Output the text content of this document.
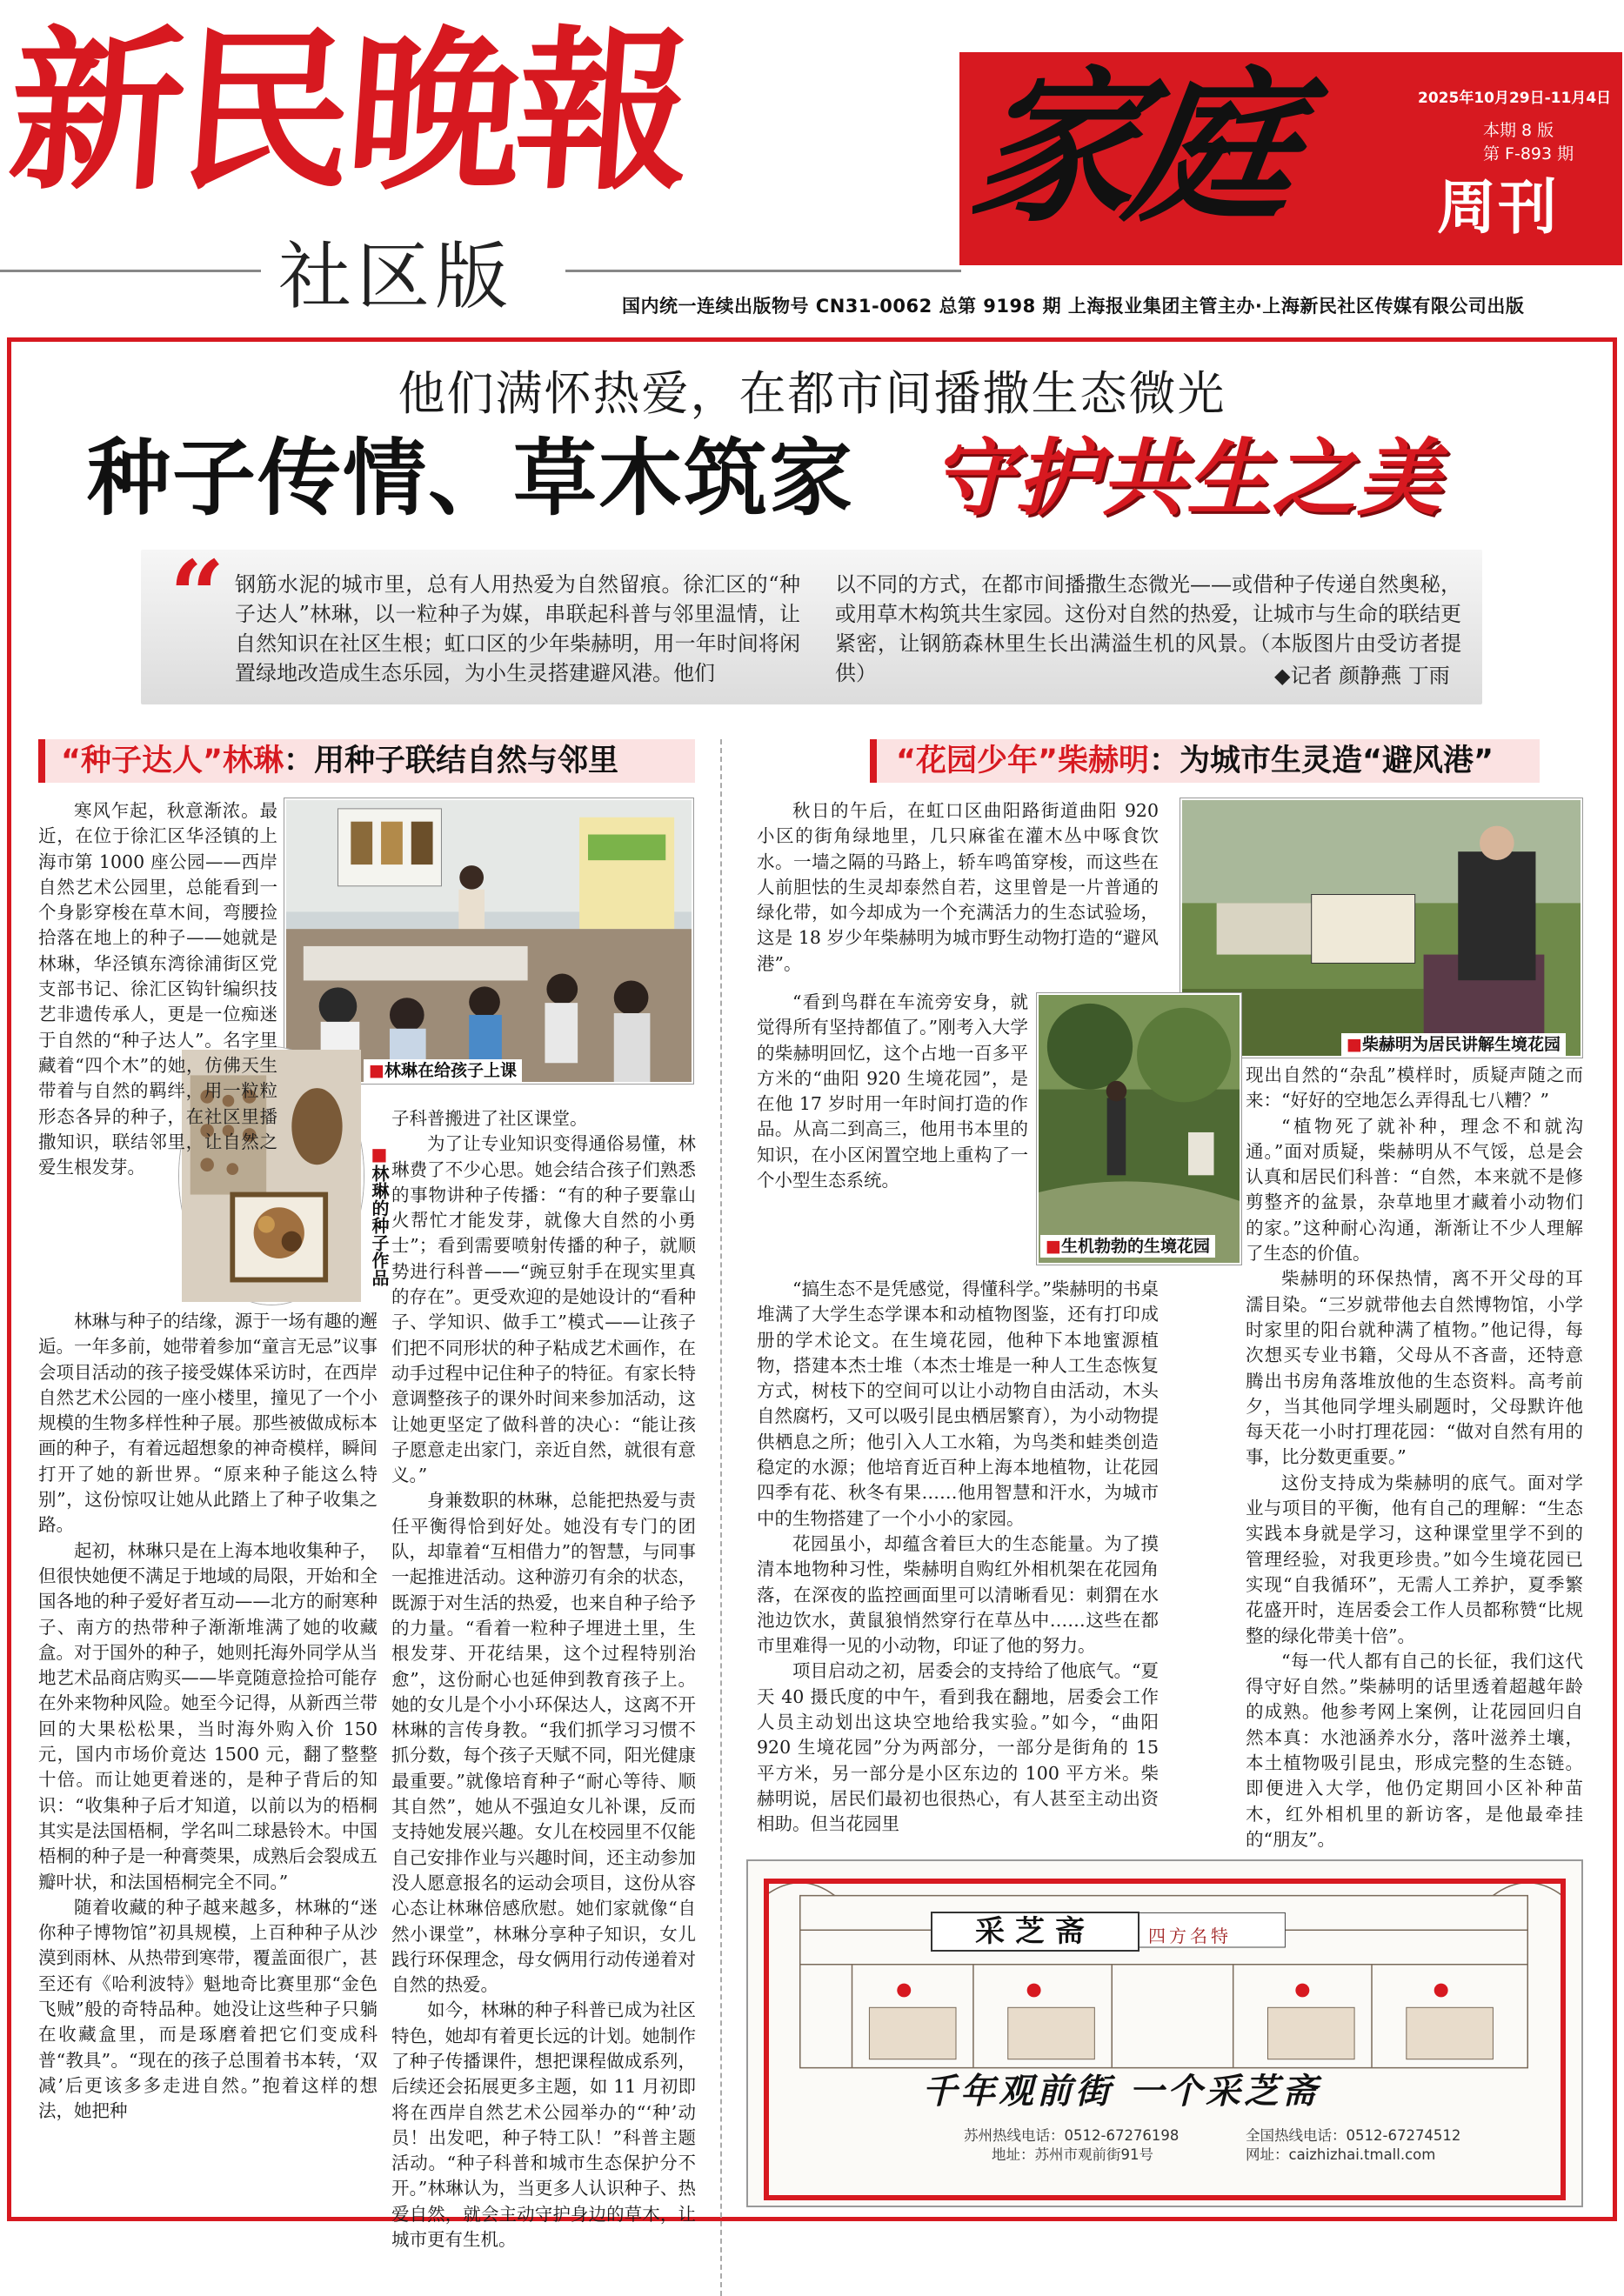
新民晚報
社区版
家庭 周刊
2025年10月29日-11月4日
本期 8 版
第 F-893 期
国内统一连续出版物号 CN31-0062 总第 9198 期 上海报业集团主管主办·上海新民社区传媒有限公司出版
他们满怀热爱，在都市间播撒生态微光
种子传情、草木筑家 守护共生之美
“ 钢筋水泥的城市里，总有人用热爱为自然留痕。徐汇区的“种子达人”林琳，以一粒种子为媒，串联起科普与邻里温情，让自然知识在社区生根；虹口区的少年柴赫明，用一年时间将闲置绿地改造成生态乐园，为小生灵搭建避风港。他们
以不同的方式，在都市间播撒生态微光——或借种子传递自然奥秘，或用草木构筑共生家园。这份对自然的热爱，让城市与生命的联结更紧密，让钢筋森林里生长出满溢生机的风景。（本版图片由受访者提供）	◆记者 颜静燕 丁雨
“种子达人”林琳：用种子联结自然与邻里	“花园少年”柴赫明：为城市生灵造“避风港”
■林琳在给孩子上课
■林琳的种子作品

寒风乍起，秋意渐浓。最近，在位于徐汇区华泾镇的上海市第 1000 座公园——西岸自然艺术公园里，总能看到一个身影穿梭在草木间，弯腰捡拾落在地上的种子——她就是林琳，华泾镇东湾徐浦街区党支部书记、徐汇区钩针编织技艺非遗传承人，更是一位痴迷于自然的“种子达人”。名字里藏着“四个木”的她，仿佛天生带着与自然的羁绊，用一粒粒形态各异的种子，在社区里播撒知识，联结邻里，让自然之爱生根发芽。

林琳与种子的结缘，源于一场有趣的邂逅。一年多前，她带着参加“童言无忌”议事会项目活动的孩子接受媒体采访时，在西岸自然艺术公园的一座小楼里，撞见了一个小规模的生物多样性种子展。那些被做成标本画的种子，有着远超想象的神奇模样，瞬间打开了她的新世界。“原来种子能这么特别”，这份惊叹让她从此踏上了种子收集之路。

起初，林琳只是在上海本地收集种子，但很快她便不满足于地域的局限，开始和全国各地的种子爱好者互动——北方的耐寒种子、南方的热带种子渐渐堆满了她的收藏盒。对于国外的种子，她则托海外同学从当地艺术品商店购买——毕竟随意捡拾可能存在外来物种风险。她至今记得，从新西兰带回的大果松松果，当时海外购入价 150 元，国内市场价竟达 1500 元，翻了整整十倍。而让她更着迷的，是种子背后的知识：“收集种子后才知道，以前以为的梧桐其实是法国梧桐，学名叫二球悬铃木。中国梧桐的种子是一种膏葖果，成熟后会裂成五瓣叶状，和法国梧桐完全不同。”

随着收藏的种子越来越多，林琳的“迷你种子博物馆”初具规模，上百种种子从沙漠到雨林、从热带到寒带，覆盖面很广，甚至还有《哈利波特》魁地奇比赛里那“金色飞贼”般的奇特品种。她没让这些种子只躺在收藏盒里，而是琢磨着把它们变成科普“教具”。“现在的孩子总围着书本转，‘双减’后更该多多走进自然。”抱着这样的想法，她把种

子科普搬进了社区课堂。

为了让专业知识变得通俗易懂，林琳费了不少心思。她会结合孩子们熟悉的事物讲种子传播：“有的种子要靠山火帮忙才能发芽，就像大自然的小勇士”；看到需要喷射传播的种子，就顺势进行科普——“豌豆射手在现实里真的存在”。更受欢迎的是她设计的“看种子、学知识、做手工”模式——让孩子们把不同形状的种子粘成艺术画作，在动手过程中记住种子的特征。有家长特意调整孩子的课外时间来参加活动，这让她更坚定了做科普的决心：“能让孩子愿意走出家门，亲近自然，就很有意义。”

身兼数职的林琳，总能把热爱与责任平衡得恰到好处。她没有专门的团队，却靠着“互相借力”的智慧，与同事一起推进活动。这种游刃有余的状态，既源于对生活的热爱，也来自种子给予的力量。“看着一粒种子埋进土里，生根发芽、开花结果，这个过程特别治愈”，这份耐心也延伸到教育孩子上。她的女儿是个小小环保达人，这离不开林琳的言传身教。“我们抓学习习惯不抓分数，每个孩子天赋不同，阳光健康最重要。”就像培育种子“耐心等待、顺其自然”，她从不强迫女儿补课，反而支持她发展兴趣。女儿在校园里不仅能自己安排作业与兴趣时间，还主动参加没人愿意报名的运动会项目，这份从容心态让林琳倍感欣慰。她们家就像“自然小课堂”，林琳分享种子知识，女儿践行环保理念，母女俩用行动传递着对自然的热爱。

如今，林琳的种子科普已成为社区特色，她却有着更长远的计划。她制作了种子传播课件，想把课程做成系列，后续还会拓展更多主题，如 11 月初即将在西岸自然艺术公园举办的“‘种’动员！出发吧，种子特工队！”科普主题活动。“种子科普和城市生态保护分不开。”林琳认为，当更多人认识种子、热爱自然，就会主动守护身边的草木，让城市更有生机。

■柴赫明为居民讲解生境花园
■生机勃勃的生境花园

秋日的午后，在虹口区曲阳路街道曲阳 920 小区的街角绿地里，几只麻雀在灌木丛中啄食饮水。一墙之隔的马路上，轿车鸣笛穿梭，而这些在人前胆怯的生灵却泰然自若，这里曾是一片普通的绿化带，如今却成为一个充满活力的生态试验场，这是 18 岁少年柴赫明为城市野生动物打造的“避风港”。

“看到鸟群在车流旁安身，就觉得所有坚持都值了。”刚考入大学的柴赫明回忆，这个占地一百多平方米的“曲阳 920 生境花园”，是在他 17 岁时用一年时间打造的作品。从高二到高三，他用书本里的知识，在小区闲置空地上重构了一个小型生态系统。

“搞生态不是凭感觉，得懂科学。”柴赫明的书桌堆满了大学生态学课本和动植物图鉴，还有打印成册的学术论文。在生境花园，他种下本地蜜源植物，搭建本杰士堆（本杰士堆是一种人工生态恢复方式，树枝下的空间可以让小动物自由活动，木头自然腐朽，又可以吸引昆虫栖居繁育），为小动物提供栖息之所；他引入人工水箱，为鸟类和蛙类创造稳定的水源；他培育近百种上海本地植物，让花园四季有花、秋冬有果……他用智慧和汗水，为城市中的生物搭建了一个小小的家园。

花园虽小，却蕴含着巨大的生态能量。为了摸清本地物种习性，柴赫明自购红外相机架在花园角落，在深夜的监控画面里可以清晰看见：刺猬在水池边饮水，黄鼠狼悄然穿行在草丛中……这些在都市里难得一见的小动物，印证了他的努力。

项目启动之初，居委会的支持给了他底气。“夏天 40 摄氏度的中午，看到我在翻地，居委会工作人员主动划出这块空地给我实验。”如今，“曲阳 920 生境花园”分为两部分，一部分是街角的 15 平方米，另一部分是小区东边的 100 平方米。柴赫明说，居民们最初也很热心，有人甚至主动出资相助。但当花园里

现出自然的“杂乱”模样时，质疑声随之而来：“好好的空地怎么弄得乱七八糟？”

“植物死了就补种，理念不和就沟通。”面对质疑，柴赫明从不气馁，总是会认真和居民们科普：“自然，本来就不是修剪整齐的盆景，杂草地里才藏着小动物们的家。”这种耐心沟通，渐渐让不少人理解了生态的价值。

柴赫明的环保热情，离不开父母的耳濡目染。“三岁就带他去自然博物馆，小学时家里的阳台就种满了植物。”他记得，每次想买专业书籍，父母从不吝啬，还特意腾出书房角落堆放他的生态资料。高考前夕，当其他同学埋头刷题时，父母默许他每天花一小时打理花园：“做对自然有用的事，比分数更重要。”

这份支持成为柴赫明的底气。面对学业与项目的平衡，他有自己的理解：“生态实践本身就是学习，这种课堂里学不到的管理经验，对我更珍贵。”如今生境花园已实现“自我循环”，无需人工养护，夏季繁花盛开时，连居委会工作人员都称赞“比规整的绿化带美十倍”。

“每一代人都有自己的长征，我们这代得守好自然。”柴赫明的话里透着超越年龄的成熟。他参考网上案例，让花园回归自然本真：水池涵养水分，落叶滋养土壤，本土植物吸引昆虫，形成完整的生态链。即便进入大学，他仍定期回小区补种苗木，红外相机里的新访客，是他最牵挂的“朋友”。

采芝斋	四方名特
千年观前街 一个采芝斋
苏州热线电话：0512-67276198	全国热线电话：0512-67274512
地址：苏州市观前街91号	网址：caizhizhai.tmall.com
